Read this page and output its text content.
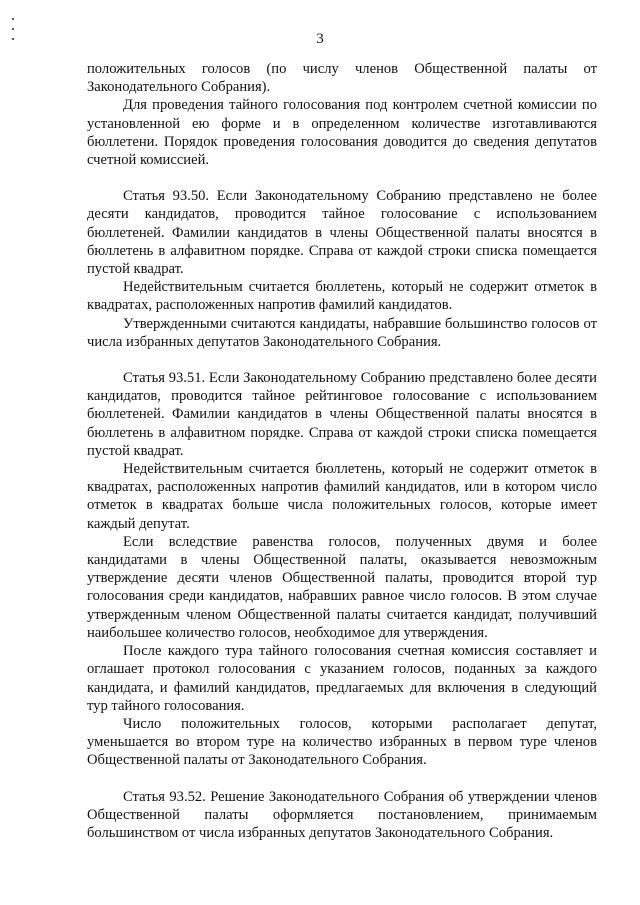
3

положительных голосов (по числу членов Общественной палаты от Законодательного Собрания).

Для проведения тайного голосования под контролем счетной комиссии по установленной ею форме и в определенном количестве изготавливаются бюллетени. Порядок проведения голосования доводится до сведения депутатов счетной комиссией.

Статья 93.50. Если Законодательному Собранию представлено не более десяти кандидатов, проводится тайное голосование с использованием бюллетеней. Фамилии кандидатов в члены Общественной палаты вносятся в бюллетень в алфавитном порядке. Справа от каждой строки списка помещается пустой квадрат.

Недействительным считается бюллетень, который не содержит отметок в квадратах, расположенных напротив фамилий кандидатов.

Утвержденными считаются кандидаты, набравшие большинство голосов от числа избранных депутатов Законодательного Собрания.

Статья 93.51. Если Законодательному Собранию представлено более десяти кандидатов, проводится тайное рейтинговое голосование с использованием бюллетеней. Фамилии кандидатов в члены Общественной палаты вносятся в бюллетень в алфавитном порядке. Справа от каждой строки списка помещается пустой квадрат.

Недействительным считается бюллетень, который не содержит отметок в квадратах, расположенных напротив фамилий кандидатов, или в котором число отметок в квадратах больше числа положительных голосов, которые имеет каждый депутат.

Если вследствие равенства голосов, полученных двумя и более кандидатами в члены Общественной палаты, оказывается невозможным утверждение десяти членов Общественной палаты, проводится второй тур голосования среди кандидатов, набравших равное число голосов. В этом случае утвержденным членом Общественной палаты считается кандидат, получивший наибольшее количество голосов, необходимое для утверждения.

После каждого тура тайного голосования счетная комиссия составляет и оглашает протокол голосования с указанием голосов, поданных за каждого кандидата, и фамилий кандидатов, предлагаемых для включения в следующий тур тайного голосования.

Число положительных голосов, которыми располагает депутат, уменьшается во втором туре на количество избранных в первом туре членов Общественной палаты от Законодательного Собрания.

Статья 93.52. Решение Законодательного Собрания об утверждении членов Общественной палаты оформляется постановлением, принимаемым большинством от числа избранных депутатов Законодательного Собрания.
